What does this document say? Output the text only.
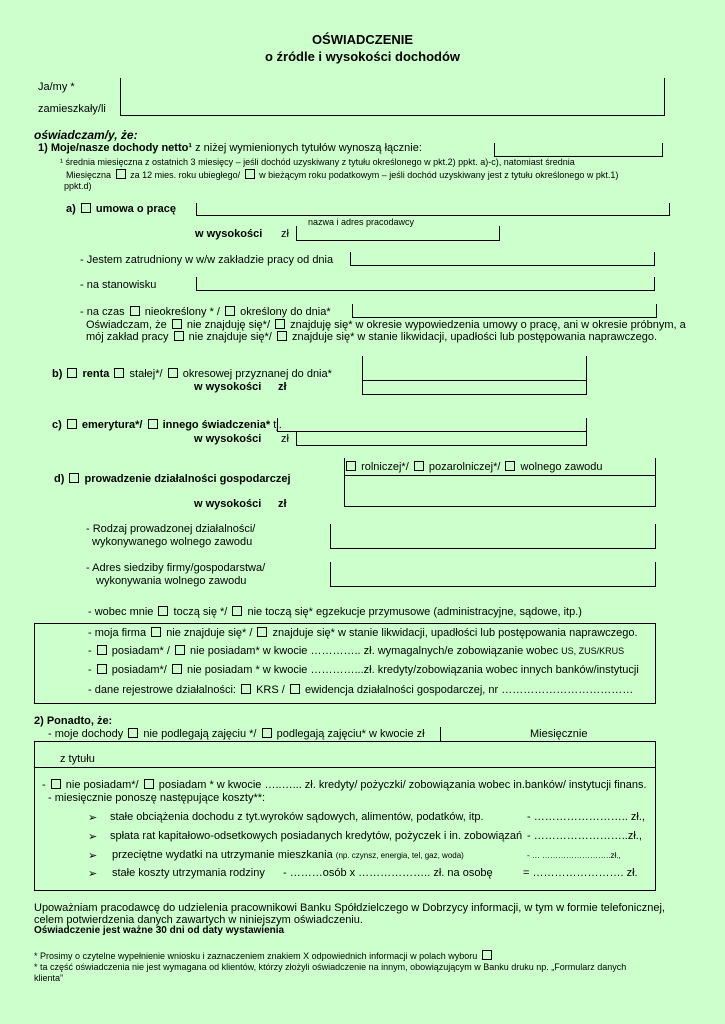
OŚWIADCZENIE
o źródle i wysokości dochodów
Ja/my *
zamieszkały/li
oświadczam/y, że:
1) Moje/nasze dochody netto¹ z niżej wymienionych tytułów wynoszą łącznie:
¹ średnia miesięczna z ostatnich 3 miesięcy – jeśli dochód uzyskiwany z tytułu określonego w pkt.2) ppkt. a)-c), natomiast średnia
Miesięczna za 12 mies. roku ubiegłego/ w bieżącym roku podatkowym – jeśli dochód uzyskiwany jest z tytułu określonego w pkt.1)
ppkt.d)
a) umowa o pracę
nazwa i adres pracodawcy
w wysokości zł
- Jestem zatrudniony w w/w zakładzie pracy od dnia
- na stanowisku
- na czas nieokreślony * / określony do dnia*
Oświadczam, że nie znajduję się*/ znajduję się* w okresie wypowiedzenia umowy o pracę, ani w okresie próbnym, a
mój zakład pracy nie znajduje się*/ znajduje się* w stanie likwidacji, upadłości lub postępowania naprawczego.
b) renta stałej*/ okresowej przyznanej do dnia*
w wysokości zł
c) emerytura*/ innego świadczenia* tj.
w wysokości zł
rolniczej*/ pozarolniczej*/ wolnego zawodu
d) prowadzenie działalności gospodarczej
w wysokości zł
- Rodzaj prowadzonej działalności/
wykonywanego wolnego zawodu
- Adres siedziby firmy/gospodarstwa/
wykonywania wolnego zawodu
- wobec mnie toczą się */ nie toczą się* egzekucje przymusowe (administracyjne, sądowe, itp.)
- moja firma nie znajduje się* / znajduje się* w stanie likwidacji, upadłości lub postępowania naprawczego.
-  posiadam* / nie posiadam* w kwocie ………….. zł. wymagalnych/e zobowiązanie wobec US, ZUS/KRUS
-  posiadam*/ nie posiadam * w kwocie …………...zł. kredyty/zobowiązania wobec innych banków/instytucji
- dane rejestrowe działalności: KRS / ewidencja działalności gospodarczej, nr ………………………………
2) Ponadto, że:
- moje dochody nie podlegają zajęciu */ podlegają zajęciu* w kwocie zł	Miesięcznie
z tytułu
-  nie posiadam*/ posiadam * w kwocie …..…... zł. kredyty/ pożyczki/ zobowiązania wobec in.banków/ instytucji finans.
- miesięcznie ponoszę następujące koszty**:
➢ stałe obciążenia dochodu z tyt.wyroków sądowych, alimentów, podatków, itp.	- …………………….. zł.,
➢ spłata rat kapitałowo-odsetkowych posiadanych kredytów, pożyczek i in. zobowiązań - ……………………..zł.,
➢ przeciętne wydatki na utrzymanie mieszkania (np. czynsz, energia, tel, gaz, woda)	- … ……………………..zł.,
➢ stałe koszty utrzymania rodziny - ………osób x ……………….. zł. na osobę	= ……………………. zł.
Upoważniam pracodawcę do udzielenia pracownikowi Banku Spółdzielczego w Dobrzycy informacji, w tym w formie telefonicznej,
celem potwierdzenia danych zawartych w niniejszym oświadczeniu.
Oświadczenie jest ważne 30 dni od daty wystawienia
* Prosimy o czytelne wypełnienie wniosku i zaznaczeniem znakiem X odpowiednich informacji w polach wyboru
* ta część oświadczenia nie jest wymagana od klientów, którzy złożyli oświadczenie na innym, obowiązującym w Banku druku np. „Formularz danych
klienta”
